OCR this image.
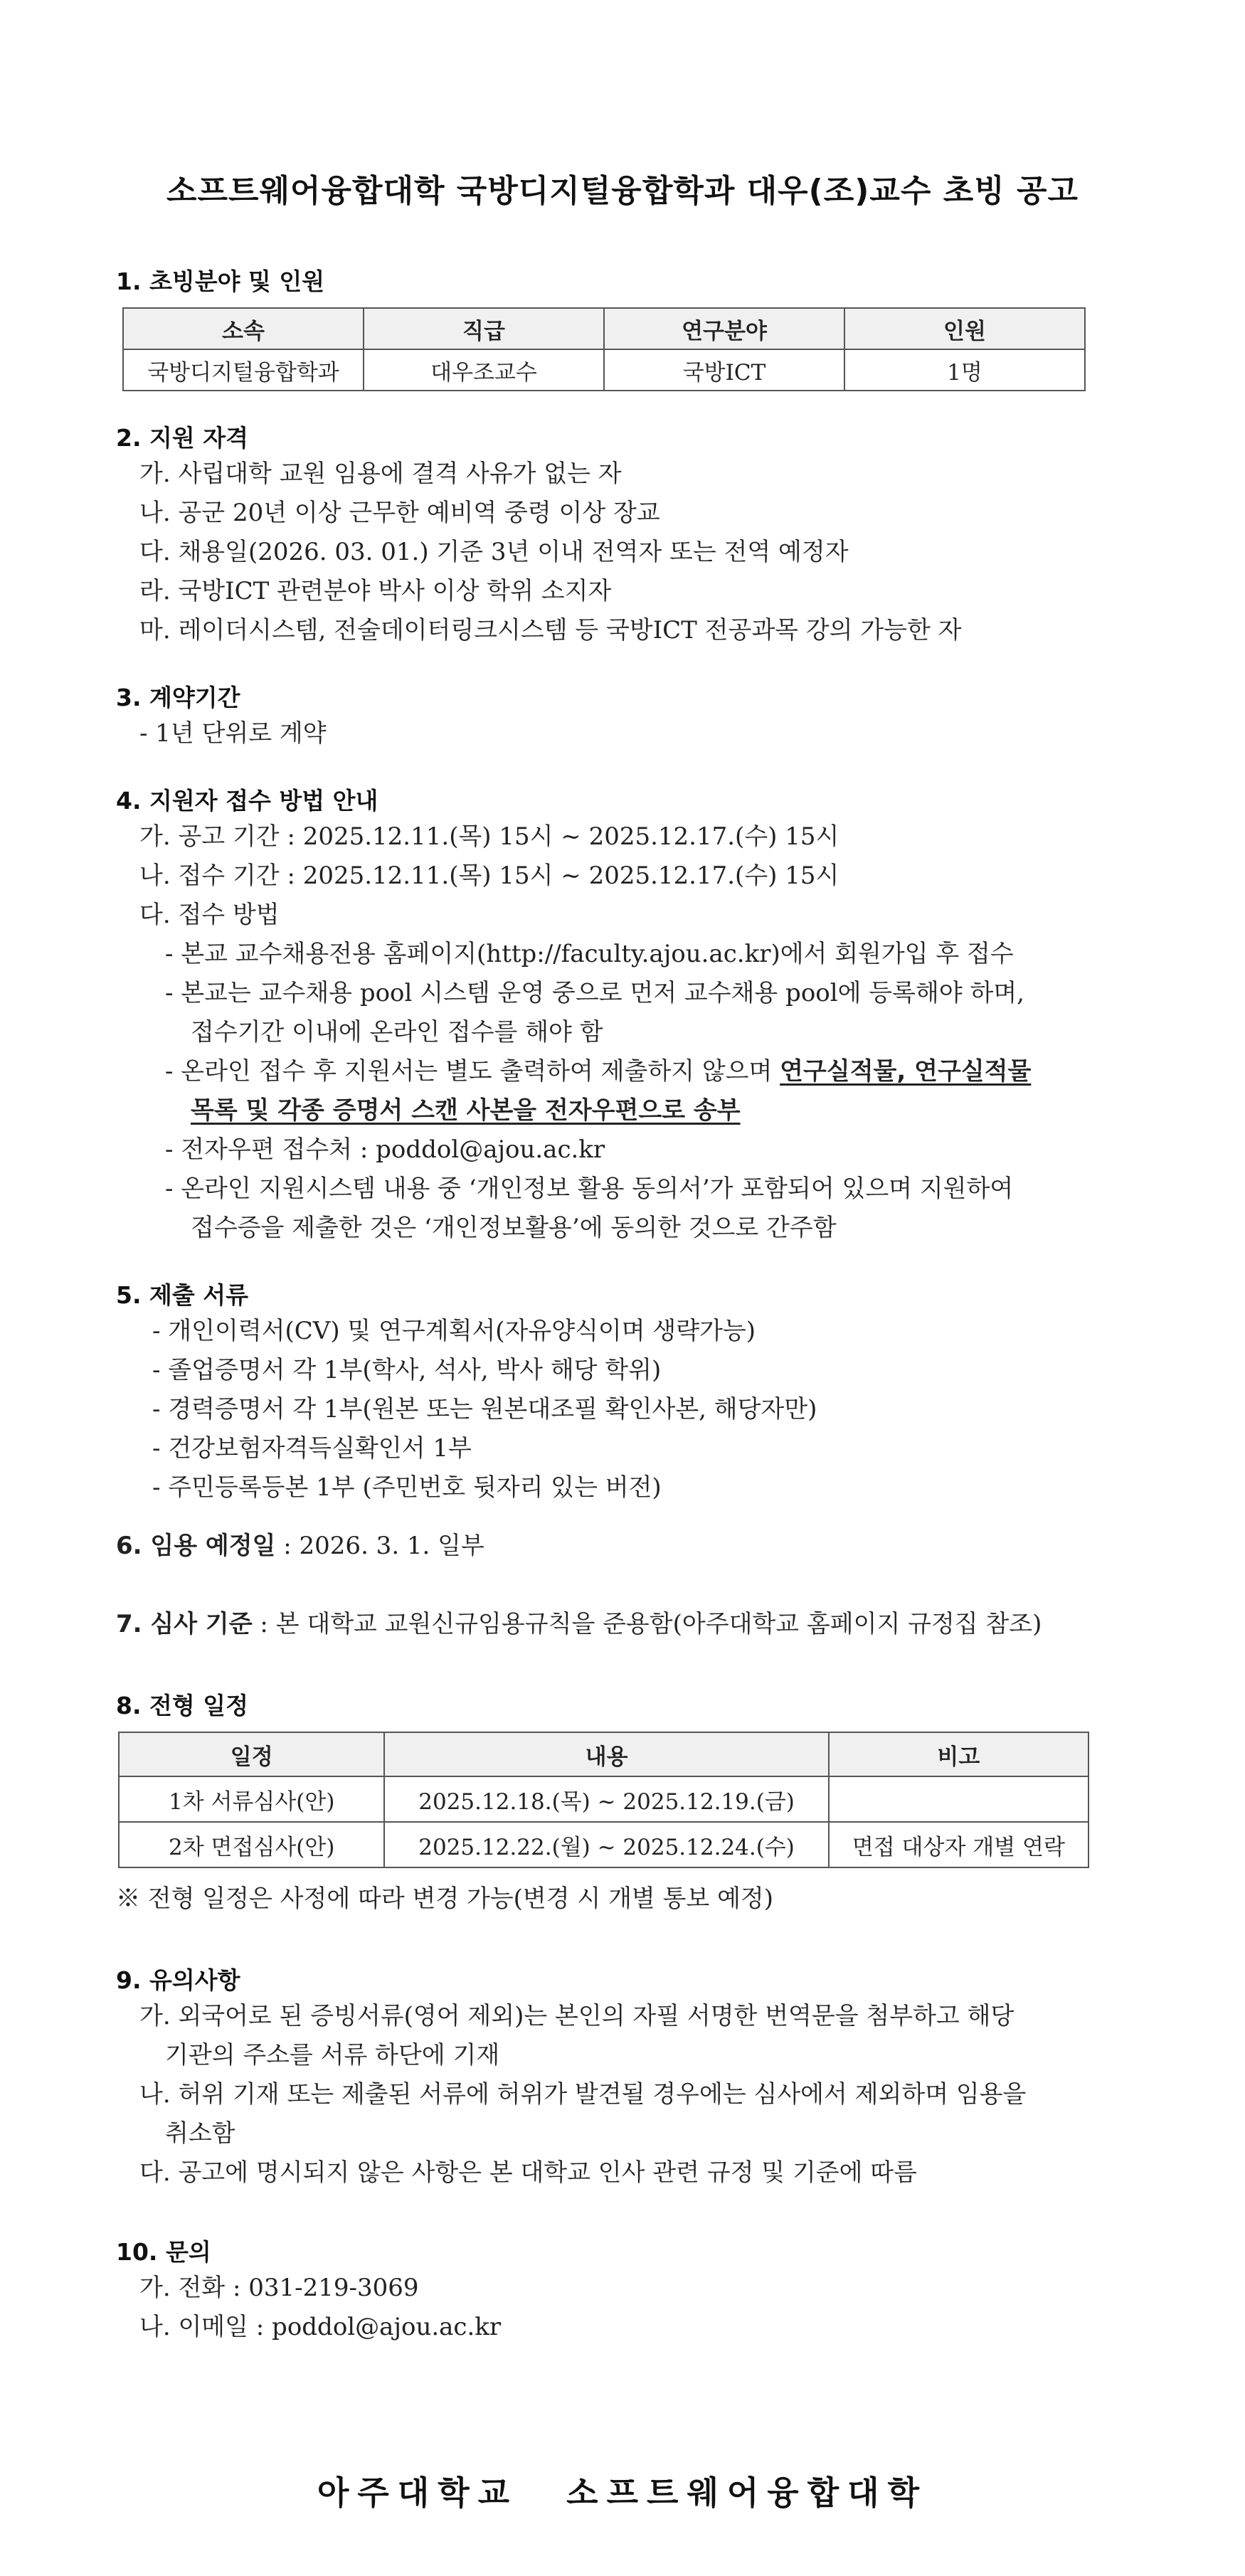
소프트웨어융합대학 국방디지털융합학과 대우(조)교수 초빙 공고
1. 초빙분야 및 인원
소속	직급	연구분야	인원
국방디지털융합학과	대우조교수	국방ICT	1명
2. 지원 자격
가. 사립대학 교원 임용에 결격 사유가 없는 자
나. 공군 20년 이상 근무한 예비역 중령 이상 장교
다. 채용일(2026. 03. 01.) 기준 3년 이내 전역자 또는 전역 예정자
라. 국방ICT 관련분야 박사 이상 학위 소지자
마. 레이더시스템, 전술데이터링크시스템 등 국방ICT 전공과목 강의 가능한 자
3. 계약기간
- 1년 단위로 계약
4. 지원자 접수 방법 안내
가. 공고 기간 : 2025.12.11.(목) 15시 ~ 2025.12.17.(수) 15시
나. 접수 기간 : 2025.12.11.(목) 15시 ~ 2025.12.17.(수) 15시
다. 접수 방법
- 본교 교수채용전용 홈페이지(http://faculty.ajou.ac.kr)에서 회원가입 후 접수
- 본교는 교수채용 pool 시스템 운영 중으로 먼저 교수채용 pool에 등록해야 하며,
접수기간 이내에 온라인 접수를 해야 함
- 온라인 접수 후 지원서는 별도 출력하여 제출하지 않으며 연구실적물, 연구실적물
목록 및 각종 증명서 스캔 사본을 전자우편으로 송부
- 전자우편 접수처 : poddol@ajou.ac.kr
- 온라인 지원시스템 내용 중 ‘개인정보 활용 동의서’가 포함되어 있으며 지원하여
접수증을 제출한 것은 ‘개인정보활용’에 동의한 것으로 간주함
5. 제출 서류
- 개인이력서(CV) 및 연구계획서(자유양식이며 생략가능)
- 졸업증명서 각 1부(학사, 석사, 박사 해당 학위)
- 경력증명서 각 1부(원본 또는 원본대조필 확인사본, 해당자만)
- 건강보험자격득실확인서 1부
- 주민등록등본 1부 (주민번호 뒷자리 있는 버전)
6. 임용 예정일 : 2026. 3. 1. 일부
7. 심사 기준 : 본 대학교 교원신규임용규칙을 준용함(아주대학교 홈페이지 규정집 참조)
8. 전형 일정
일정	내용	비고
1차 서류심사(안)	2025.12.18.(목) ~ 2025.12.19.(금)	
2차 면접심사(안)	2025.12.22.(월) ~ 2025.12.24.(수)	면접 대상자 개별 연락
※ 전형 일정은 사정에 따라 변경 가능(변경 시 개별 통보 예정)
9. 유의사항
가. 외국어로 된 증빙서류(영어 제외)는 본인의 자필 서명한 번역문을 첨부하고 해당
기관의 주소를 서류 하단에 기재
나. 허위 기재 또는 제출된 서류에 허위가 발견될 경우에는 심사에서 제외하며 임용을
취소함
다. 공고에 명시되지 않은 사항은 본 대학교 인사 관련 규정 및 기준에 따름
10. 문의
가. 전화 : 031-219-3069
나. 이메일 : poddol@ajou.ac.kr
아주대학교 소프트웨어융합대학
